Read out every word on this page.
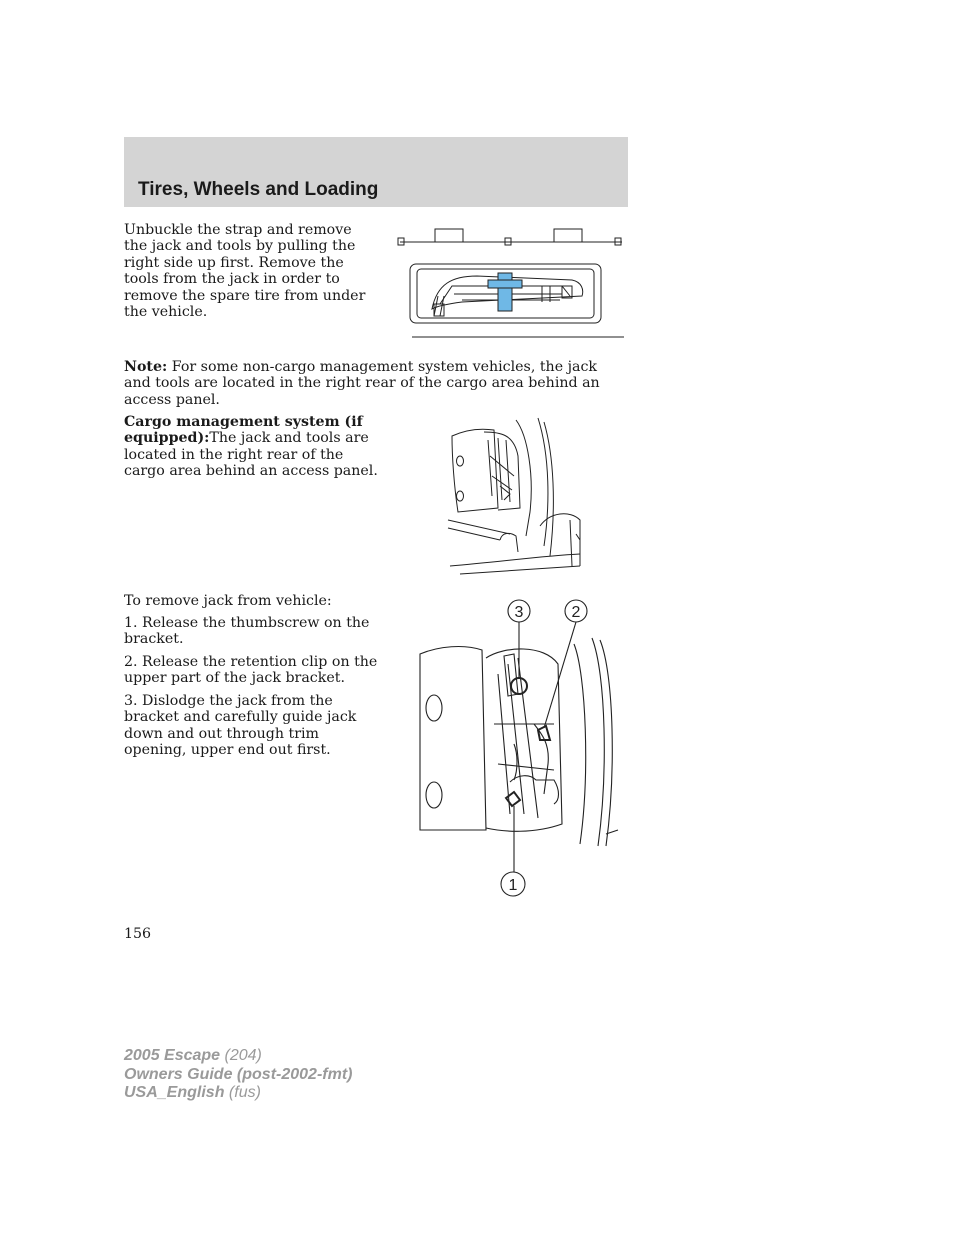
Tires, Wheels and Loading

Unbuckle the strap and remove the jack and tools by pulling the right side up first. Remove the tools from the jack in order to remove the spare tire from under the vehicle.

Note: For some non-cargo management system vehicles, the jack and tools are located in the right rear of the cargo area behind an access panel.

Cargo management system (if equipped):The jack and tools are located in the right rear of the cargo area behind an access panel.

To remove jack from vehicle:

1. Release the thumbscrew on the bracket.

2. Release the retention clip on the upper part of the jack bracket.

3. Dislodge the jack from the bracket and carefully guide jack down and out through trim opening, upper end out first.

3	2
1
156
2005 Escape (204)
Owners Guide (post-2002-fmt)
USA_English (fus)
